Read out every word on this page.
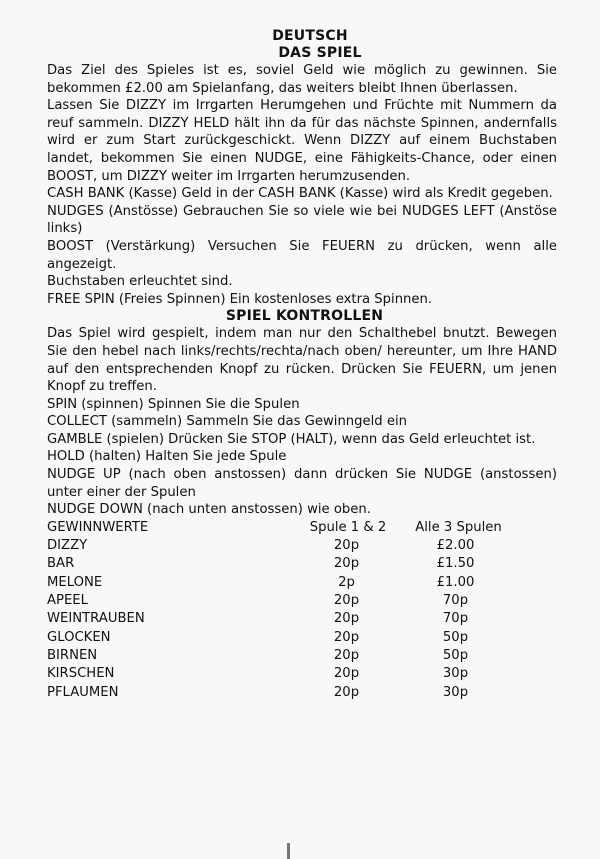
DEUTSCH
DAS SPIEL

Das Ziel des Spieles ist es, soviel Geld wie möglich zu gewinnen. Sie bekommen £2.00 am Spielanfang, das weiters bleibt Ihnen überlassen.

Lassen Sie DIZZY im Irrgarten Herumgehen und Früchte mit Nummern da reuf sammeln. DIZZY HELD hält ihn da für das nächste Spinnen, andernfalls wird er zum Start zurückgeschickt. Wenn DIZZY auf einem Buchstaben landet, bekommen Sie einen NUDGE, eine Fähigkeits-Chance, oder einen BOOST, um DIZZY weiter im Irrgarten herumzusenden.

CASH BANK (Kasse) Geld in der CASH BANK (Kasse) wird als Kredit gegeben.

NUDGES (Anstösse) Gebrauchen Sie so viele wie bei NUDGES LEFT (Anstöse links)

BOOST (Verstärkung) Versuchen Sie FEUERN zu drücken, wenn alle angezeigt.

Buchstaben erleuchtet sind.

FREE SPIN (Freies Spinnen) Ein kostenloses extra Spinnen.

SPIEL KONTROLLEN

Das Spiel wird gespielt, indem man nur den Schalthebel bnutzt. Bewegen Sie den hebel nach links/rechts/rechta/nach oben/ hereunter, um Ihre HAND auf den entsprechenden Knopf zu rücken. Drücken Sie FEUERN, um jenen Knopf zu treffen.

SPIN (spinnen) Spinnen Sie die Spulen

COLLECT (sammeln) Sammeln Sie das Gewinngeld ein

GAMBLE (spielen) Drücken Sie STOP (HALT), wenn das Geld erleuchtet ist.

HOLD (halten) Halten Sie jede Spule

NUDGE UP (nach oben anstossen) dann drücken Sie NUDGE (anstossen) unter einer der Spulen

NUDGE DOWN (nach unten anstossen) wie oben.

GEWINNWERTE	Spule 1 & 2	Alle 3 Spulen
DIZZY	20p	£2.00
BAR	20p	£1.50
MELONE	2p	£1.00
APEEL	20p	70p
WEINTRAUBEN	20p	70p
GLOCKEN	20p	50p
BIRNEN	20p	50p
KIRSCHEN	20p	30p
PFLAUMEN	20p	30p
